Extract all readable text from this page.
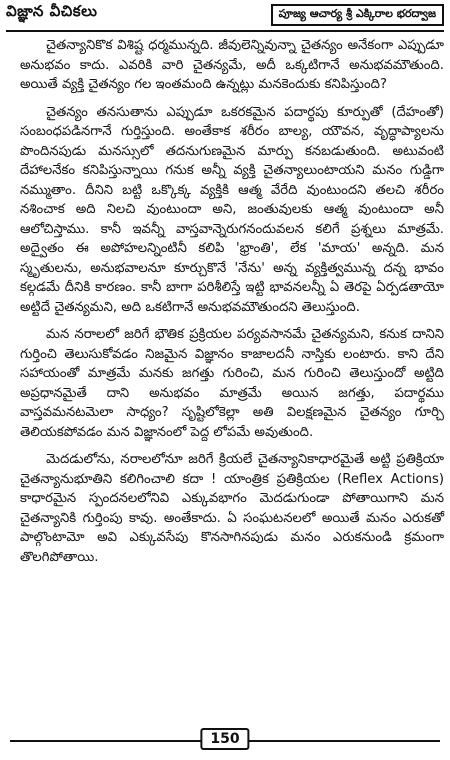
విజ్ఞాన వీచికలు	పూజ్య ఆచార్య శ్రీ ఎక్కిరాల భరద్వాజ

చైతన్యానికొక విశిష్ట ధర్మమున్నది. జీవులెన్నివున్నా చైతన్యం అనేకంగా ఎప్పుడూ అనుభవం కాదు. ఎవరికి వారి చైతన్యమే, అదీ ఒక్కటిగానే అనుభవమౌతుంది. అయితే వ్యక్తి చైతన్యం గల ఇంతమంది ఉన్నట్లు మనకెందుకు కనిపిస్తుంది?

చైతన్యం తనసుతాను ఎప్పుడూ ఒకరకమైన పదార్థపు కూర్పుతో (దేహంతో) సంబంధపడినగానే గుర్తిస్తుంది. అంతేకాక శరీరం బాల్య, యౌవన, వృద్ధాప్యాలను పొందినపుడు మనస్సులో తదనుగుణమైన మార్పు కనబడుతుంది. అటువంటి దేహాలనేకం కనిపిస్తున్నాయి గనుక అన్నీ వ్యక్తి చైతన్యాలుంటాయని మనం గుడ్డిగా నమ్ముతాం. దీనిని బట్టి ఒక్కొక్క వ్యక్తికి ఆత్మ వేరేది వుంటుందని తలచి శరీరం నశించాక అది నిలచి వుంటుందా అని, జంతువులకు ఆత్మ వుంటుందా అనీ ఆలోచిస్తాము. కానీ ఇవన్నీ వాస్తవాన్నెరుగనందువలన కలిగే ప్రశ్నలు మాత్రమే. అద్వైతం ఈ అపోహలన్నింటినీ కలిపి 'భ్రాంతి', లేక 'మాయ' అన్నది. మన స్మృతులను, అనుభవాలనూ కూర్చుకొనే 'నేను' అన్న వ్యక్తిత్వమున్న దన్న భావం కల్గడమే దీనికి కారణం. కానీ బాగా పరిశీలిస్తే ఇట్టి భావనలన్నీ ఏ తెరపై ఏర్పడతాయో అట్టిదే చైతన్యమని, అది ఒకటిగానే అనుభవమౌతుందని తెలుస్తుంది.

మన నరాలలో జరిగే భౌతిక ప్రక్రియల పర్యవసానమే చైతన్యమని, కనుక దానిని గుర్తించి తెలుసుకోవడం నిజమైన విజ్ఞానం కాజాలదనీ నాస్తికు లంటారు. కాని దేని సహాయంతో మాత్రమే మనకు జగత్తు గురించి, మన గురించి తెలుస్తుందో అట్టిది అప్రధానమైతే దాని అనుభవం మాత్రమే అయిన జగత్తు, పదార్థము వాస్తవమనటమెలా సాధ్యం? సృష్టిలోకెల్లా అతి విలక్షణమైన చైతన్యం గూర్చి తెలియకపోవడం మన విజ్ఞానంలో పెద్ద లోపమే అవుతుంది.

మెదడులోను, నరాలలోనూ జరిగే క్రియలే చైతన్యానికాధారమైతే అట్టి ప్రతిక్రియా చైతన్యానుభూతిని కలిగించాలి కదా ! యాంత్రిక ప్రతిక్రియల (Reflex Actions) కాధారమైన స్పందనలలోనివి ఎక్కువభాగం మెదడుగుండా పోతాయిగాని మన చైతన్యానికి గుర్తింపు కావు. అంతేకాదు. ఏ సంఘటనలలో అయితే మనం ఎరుకతో పాల్గొంటామో అవి ఎక్కువసేపు కొనసాగినపుడు మనం ఎరుకనుండి క్రమంగా తొలగిపోతాయి.

150
